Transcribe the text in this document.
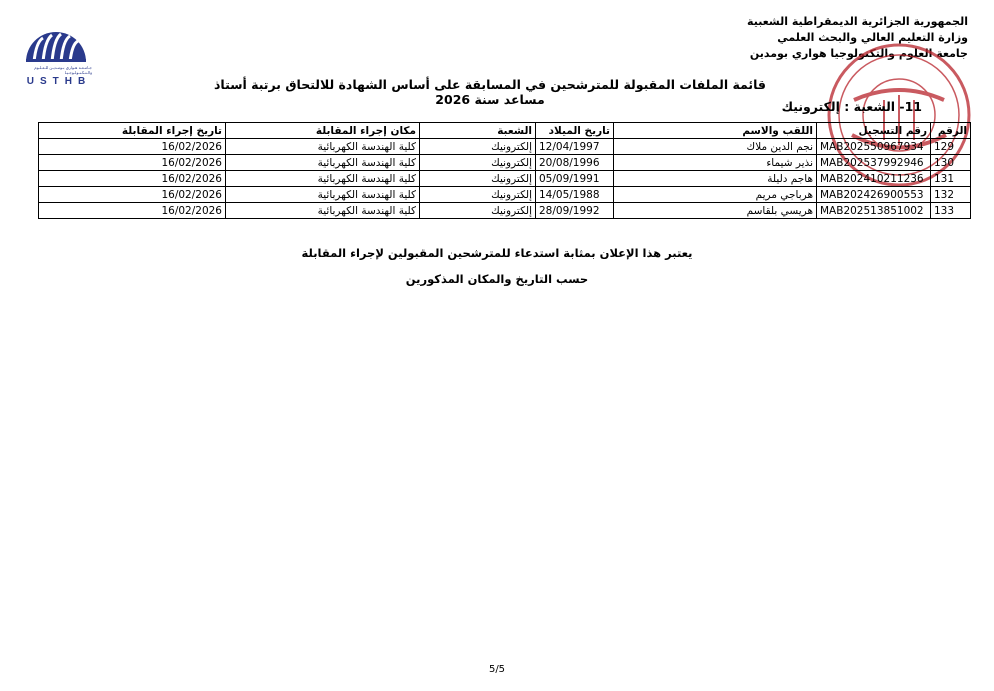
الجمهورية الجزائرية الديمقراطية الشعبية
وزارة التعليم العالي والبحث العلمي
جامعة العلوم والتكنولوجيا هواري بومدين
جـامـعـة هـواري بـومـديـن للـعـلـوم والـتـكـنـولـوجـيـا
USTHB	قائمة الملفات المقبولة للمترشحين في المسابقة على أساس الشهادة للالتحاق برتبة أستاذ مساعد سنة 2026	11- الشعبة : إلكترونيك
الرقم	رقم التسجيل	اللقب والاسم	تاريخ الميلاد	الشعبة	مكان إجراء المقابلة	تاريخ إجراء المقابلة
129	MAB202550967934	نجم الدين ملاك	12/04/1997	إلكترونيك	كلية الهندسة الكهربائية	16/02/2026
130	MAB202537992946	نذير شيماء	20/08/1996	إلكترونيك	كلية الهندسة الكهربائية	16/02/2026
131	MAB202410211236	هاجم دليلة	05/09/1991	إلكترونيك	كلية الهندسة الكهربائية	16/02/2026
132	MAB202426900553	هرباجي مريم	14/05/1988	إلكترونيك	كلية الهندسة الكهربائية	16/02/2026
133	MAB202513851002	هريسي بلقاسم	28/09/1992	إلكترونيك	كلية الهندسة الكهربائية	16/02/2026

يعتبر هذا الإعلان بمثابة استدعاء للمترشحين المقبولين لإجراء المقابلة

حسب التاريخ والمكان المذكورين

5/5
